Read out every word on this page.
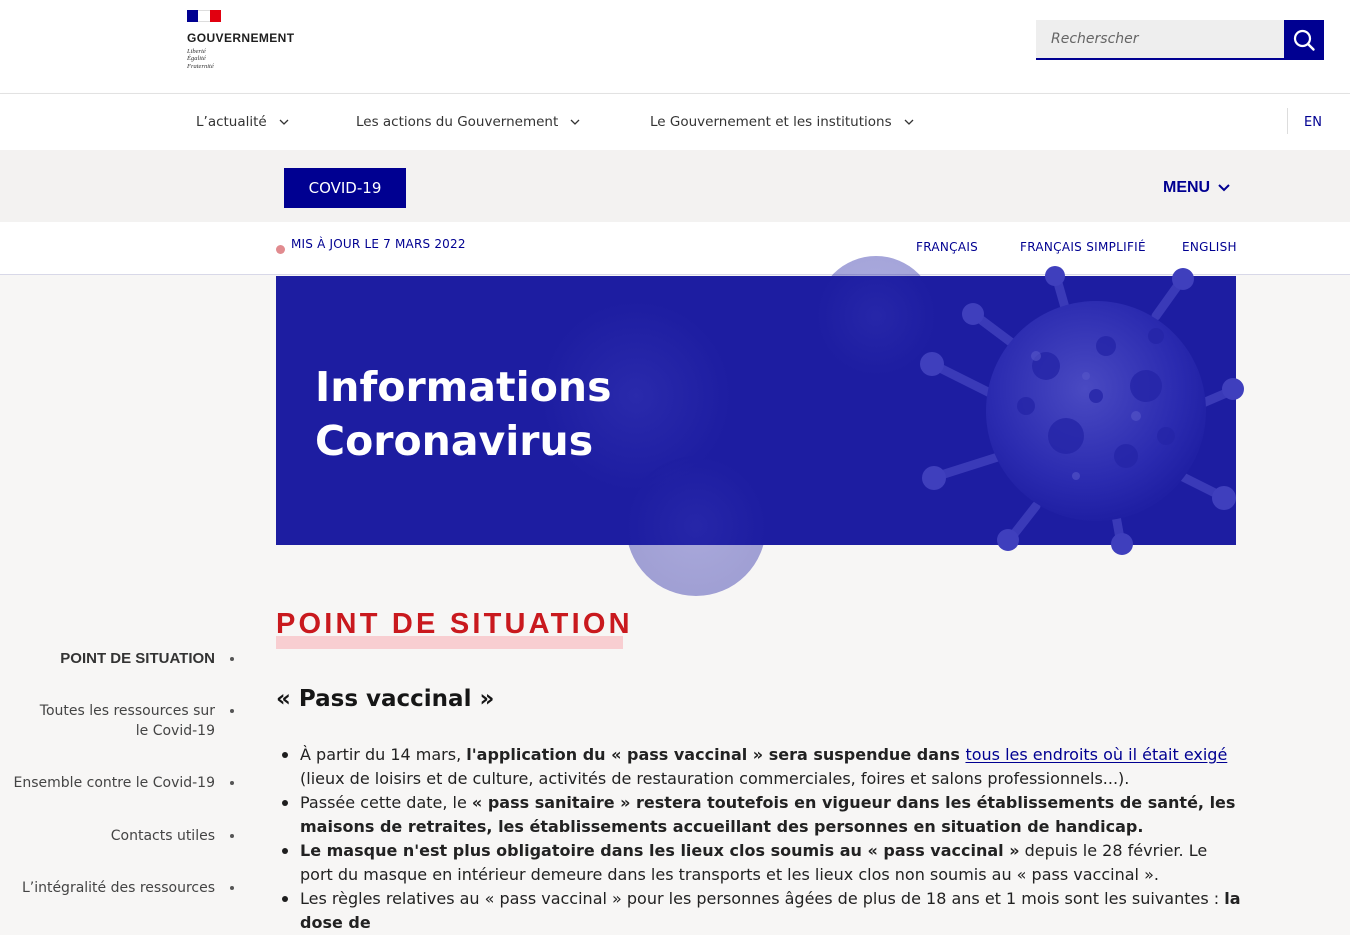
GOUVERNEMENT
Liberté
Égalité
Fraternité
Recherscher
L’actualité	Les actions du Gouvernement	Le Gouvernement et les institutions	EN
COVID-19	MENU
MIS À JOUR LE 7 MARS 2022	FRANÇAIS	FRANÇAIS SIMPLIFIÉ	ENGLISH
Informations
Coronavirus
POINT DE SITUATION
Toutes les ressources sur le Covid-19
Ensemble contre le Covid-19
Contacts utiles
L’intégralité des ressources
POINT DE SITUATION
« Pass vaccinal »
À partir du 14 mars, l'application du « pass vaccinal » sera suspendue dans tous les endroits où il était exigé (lieux de loisirs et de culture, activités de restauration commerciales, foires et salons professionnels...).
Passée cette date, le « pass sanitaire » restera toutefois en vigueur dans les établissements de santé, les maisons de retraites, les établissements accueillant des personnes en situation de handicap.
Le masque n'est plus obligatoire dans les lieux clos soumis au « pass vaccinal » depuis le 28 février. Le port du masque en intérieur demeure dans les transports et les lieux clos non soumis au « pass vaccinal ».
Les règles relatives au « pass vaccinal » pour les personnes âgées de plus de 18 ans et 1 mois sont les suivantes : la dose de
